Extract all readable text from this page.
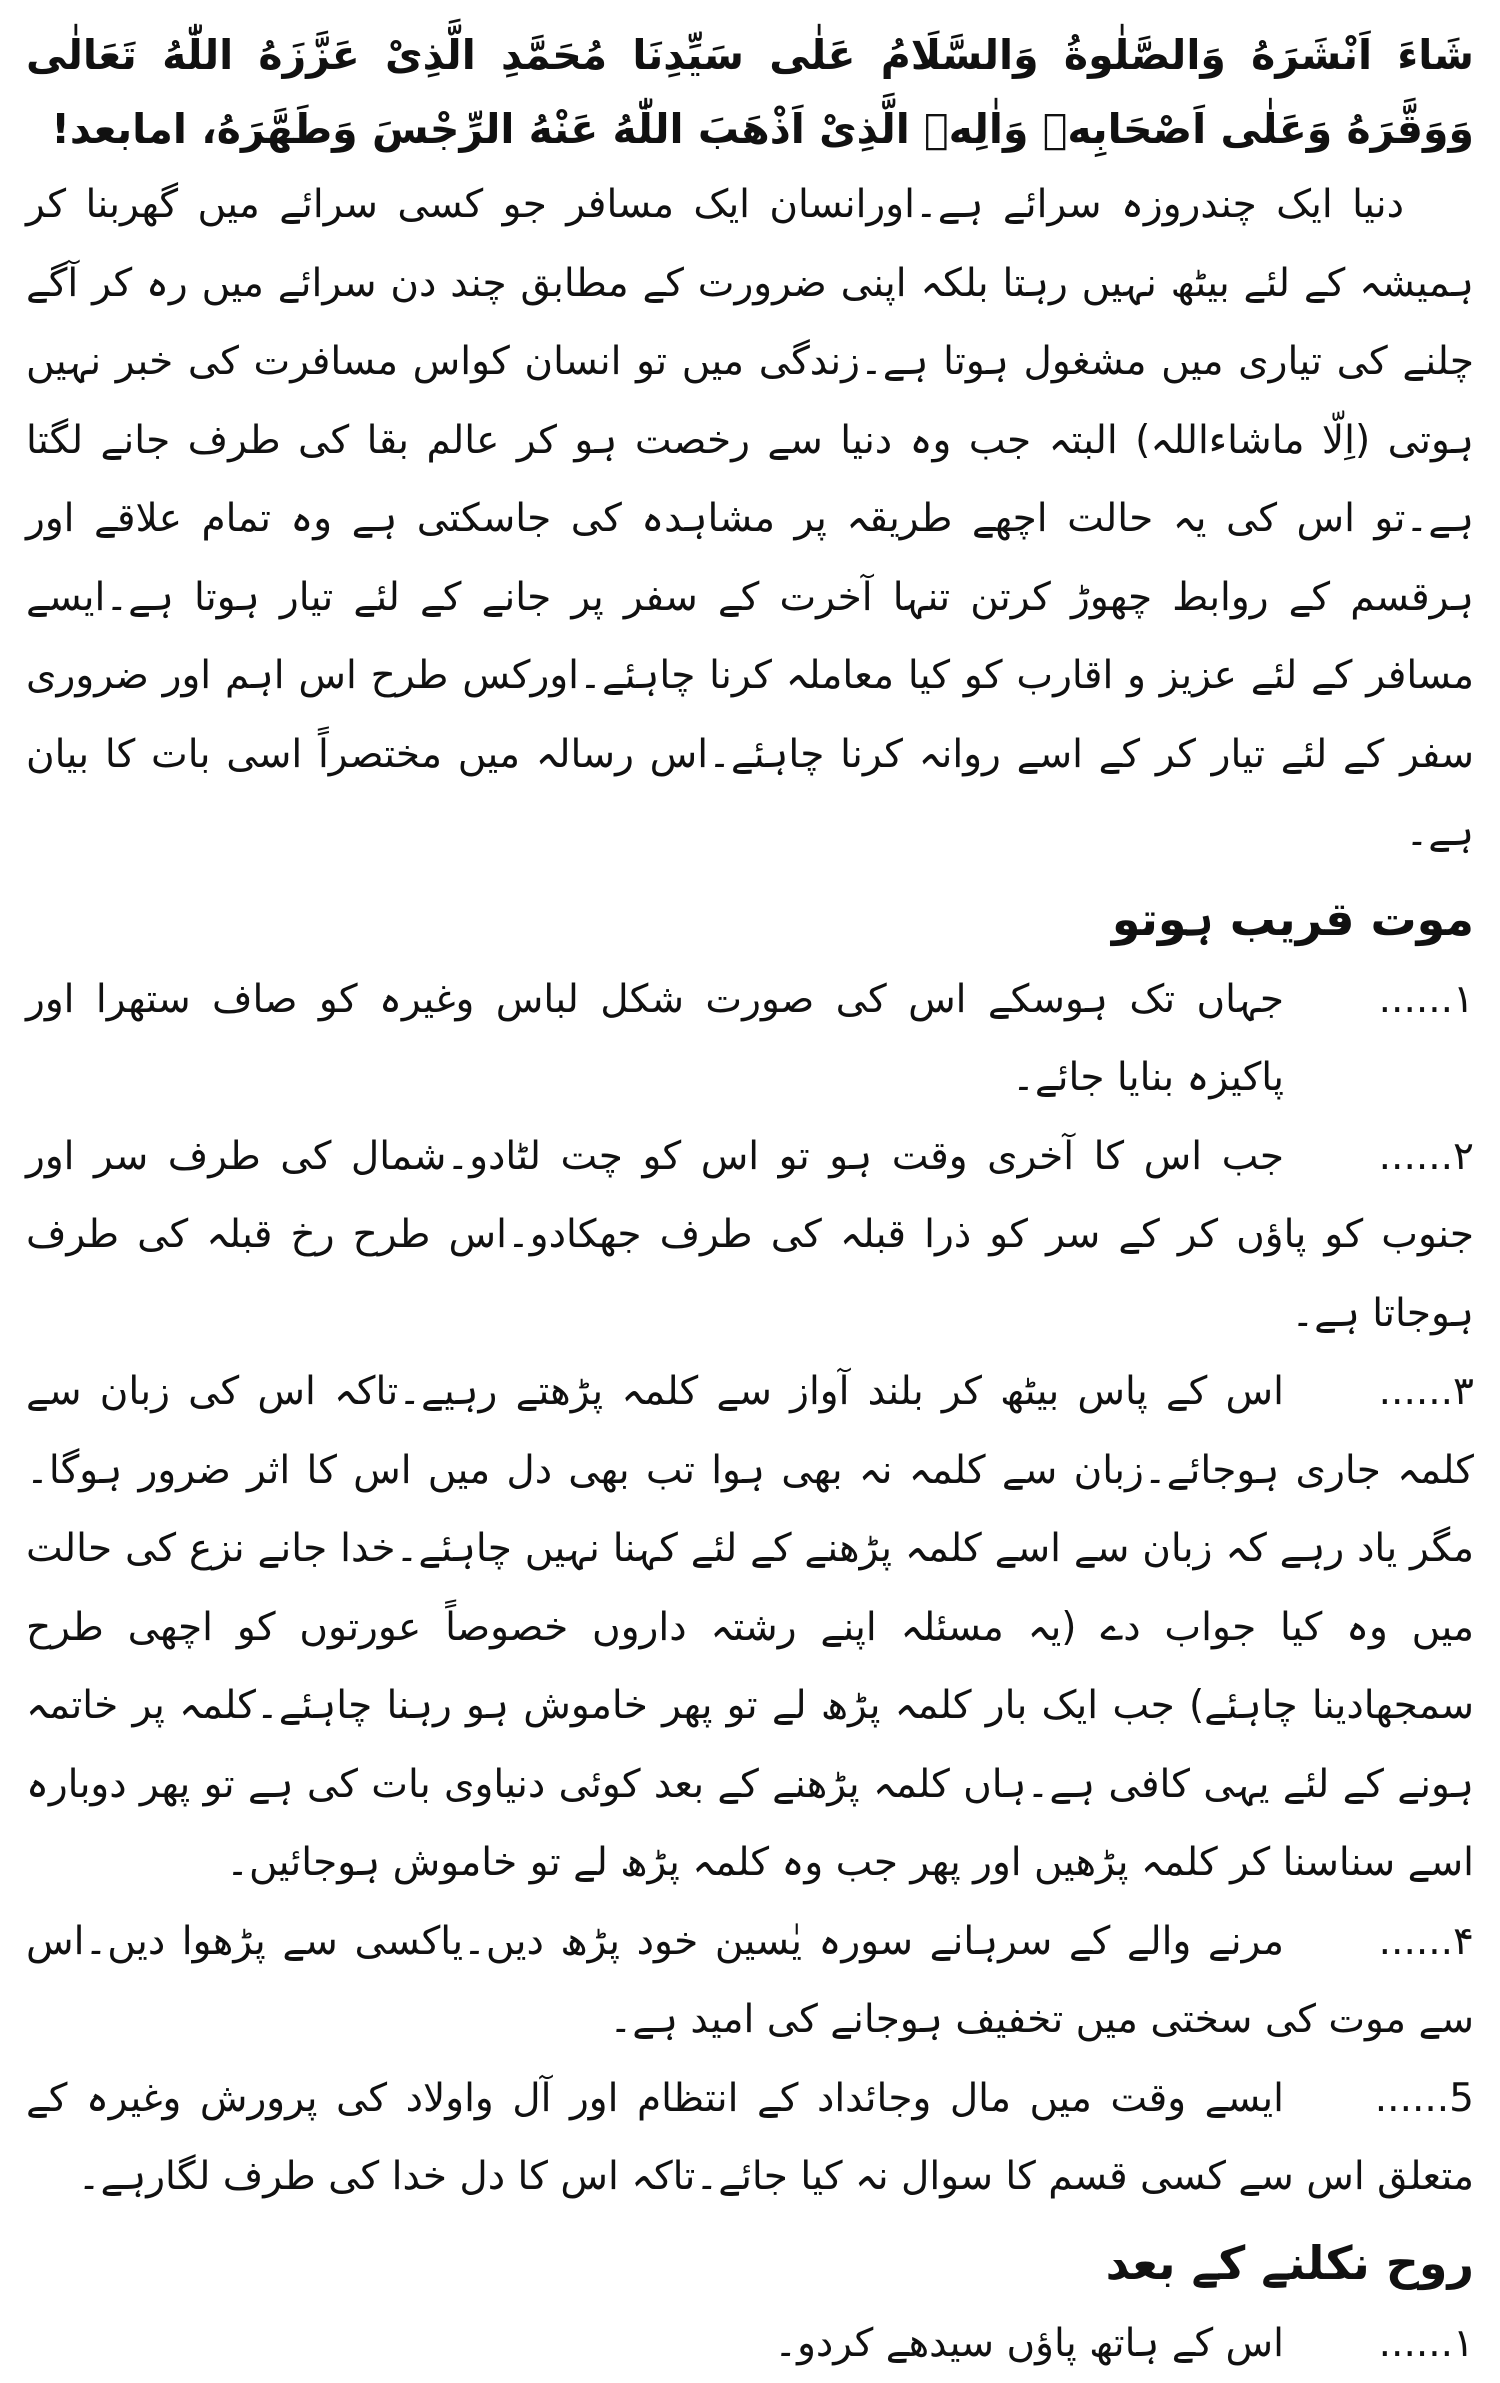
شَاءَ اَنْشَرَهُ وَالصَّلٰوةُ وَالسَّلَامُ عَلٰى سَيِّدِنَا مُحَمَّدِ الَّذِىْ عَزَّزَهُ اللّٰهُ تَعَالٰى وَوَقَّرَهُ وَعَلٰى اَصْحَابِهٖ وَاٰلِهٖ الَّذِىْ اَذْهَبَ اللّٰهُ عَنْهُ الرِّجْسَ وَطَهَّرَهُ، امابعد!

دنیا ایک چندروزہ سرائے ہے۔اورانسان ایک مسافر جو کسی سرائے میں گھربنا کر ہمیشہ کے لئے بیٹھ نہیں رہتا بلکہ اپنی ضرورت کے مطابق چند دن سرائے میں رہ کر آگے چلنے کی تیاری میں مشغول ہوتا ہے۔زندگی میں تو انسان کواس مسافرت کی خبر نہیں ہوتی (اِلّا ماشاءاللہ) البتہ جب وہ دنیا سے رخصت ہو کر عالم بقا کی طرف جانے لگتا ہے۔تو اس کی یہ حالت اچھے طریقہ پر مشاہدہ کی جاسکتی ہے وہ تمام علاقے اور ہرقسم کے روابط چھوڑ کرتن تنہا آخرت کے سفر پر جانے کے لئے تیار ہوتا ہے۔ایسے مسافر کے لئے عزیز و اقارب کو کیا معاملہ کرنا چاہئے۔اورکس طرح اس اہم اور ضروری سفر کے لئے تیار کر کے اسے روانہ کرنا چاہئے۔اس رسالہ میں مختصراً اسی بات کا بیان ہے۔

موت قریب ہوتو
۱......
جہاں تک ہوسکے اس کی صورت شکل لباس وغیرہ کو صاف ستھرا اور پاکیزہ بنایا جائے۔
۲......جب اس کا آخری وقت ہو تو اس کو چت لٹادو۔شمال کی طرف سر اور جنوب کو پاؤں کر کے سر کو ذرا قبلہ کی طرف جھکادو۔اس طرح رخ قبلہ کی طرف ہوجاتا ہے۔
۳......اس کے پاس بیٹھ کر بلند آواز سے کلمہ پڑھتے رہیے۔تاکہ اس کی زبان سے کلمہ جاری ہوجائے۔زبان سے کلمہ نہ بھی ہوا تب بھی دل میں اس کا اثر ضرور ہوگا۔مگر یاد رہے کہ زبان سے اسے کلمہ پڑھنے کے لئے کہنا نہیں چاہئے۔خدا جانے نزع کی حالت میں وہ کیا جواب دے (یہ مسئلہ اپنے رشتہ داروں خصوصاً عورتوں کو اچھی طرح سمجھادینا چاہئے) جب ایک بار کلمہ پڑھ لے تو پھر خاموش ہو رہنا چاہئے۔کلمہ پر خاتمہ ہونے کے لئے یہی کافی ہے۔ہاں کلمہ پڑھنے کے بعد کوئی دنیاوی بات کی ہے تو پھر دوبارہ اسے سناسنا کر کلمہ پڑھیں اور پھر جب وہ کلمہ پڑھ لے تو خاموش ہوجائیں۔
۴......مرنے والے کے سرہانے سورہ یٰسین خود پڑھ دیں۔یاکسی سے پڑھوا دیں۔اس سے موت کی سختی میں تخفیف ہوجانے کی امید ہے۔
5......ایسے وقت میں مال وجائداد کے انتظام اور آل واولاد کی پرورش وغیرہ کے متعلق اس سے کسی قسم کا سوال نہ کیا جائے۔تاکہ اس کا دل خدا کی طرف لگارہے۔
روح نکلنے کے بعد
۱......
اس کے ہاتھ پاؤں سیدھے کردو۔
